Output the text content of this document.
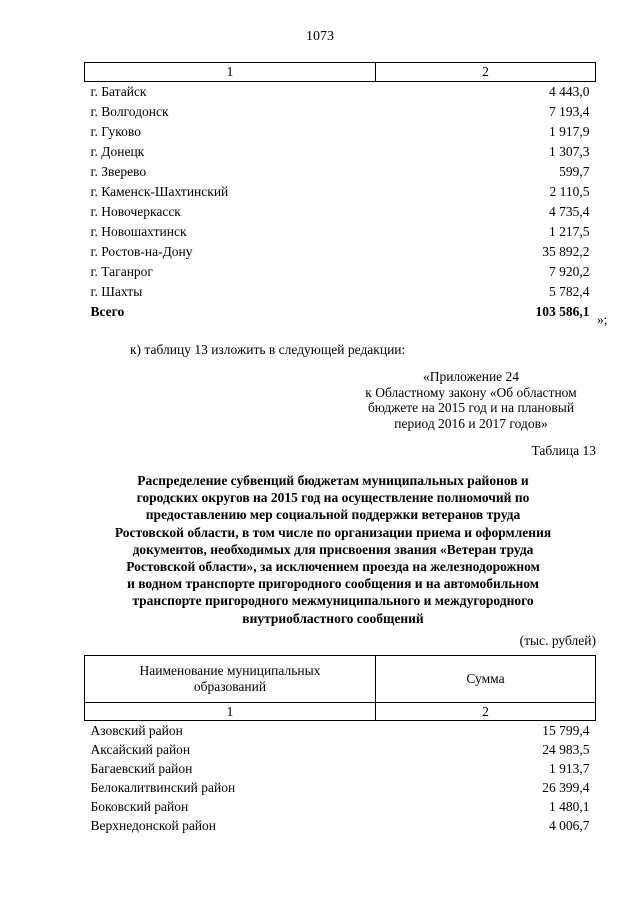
1073
1	2
г. Батайск	4 443,0
г. Волгодонск	7 193,4
г. Гуково	1 917,9
г. Донецк	1 307,3
г. Зверево	599,7
г. Каменск-Шахтинский	2 110,5
г. Новочеркасск	4 735,4
г. Новошахтинск	1 217,5
г. Ростов-на-Дону	35 892,2
г. Таганрог	7 920,2
г. Шахты	5 782,4
Всего	103 586,1
»;
к) таблицу 13 изложить в следующей редакции:
«Приложение 24
к Областному закону «Об областном
бюджете на 2015 год и на плановый
период 2016 и 2017 годов»
Таблица 13
Распределение субвенций бюджетам муниципальных районов и
городских округов на 2015 год на осуществление полномочий по
предоставлению мер социальной поддержки ветеранов труда
Ростовской области, в том числе по организации приема и оформления
документов, необходимых для присвоения звания «Ветеран труда
Ростовской области», за исключением проезда на железнодорожном
и водном транспорте пригородного сообщения и на автомобильном
транспорте пригородного межмуниципального и междугородного
внутриобластного сообщений
(тыс. рублей)
Наименование муниципальных
образований	Сумма
1	2
Азовский район	15 799,4
Аксайский район	24 983,5
Багаевский район	1 913,7
Белокалитвинский район	26 399,4
Боковский район	1 480,1
Верхнедонской район	4 006,7
